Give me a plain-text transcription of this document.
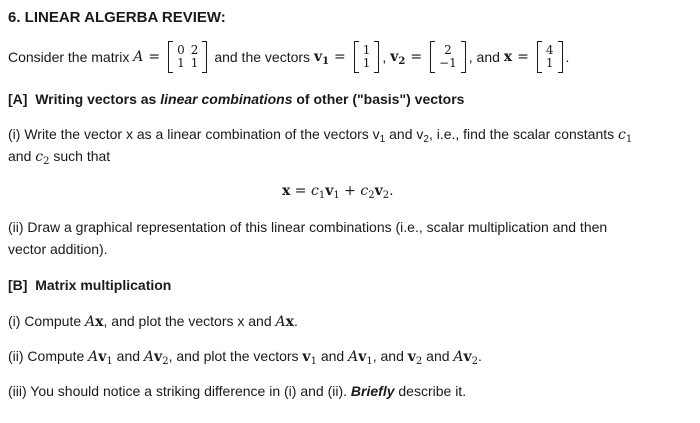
6. LINEAR ALGERBA REVIEW:
Consider the matrix
A = 0	2
1	1
and the vectors
$v_1 = 1$
1 , $v_2 = 2$
−1 , and
x = 4
1 .
[A] Writing vectors as linear combinations of other ("basis") vectors
(i) Write the vector x as a linear combination of the vectors $v_1$ and $v_2$, i.e., find the scalar constants $c_1$
and $c_2$ such that
$x = c_1v_1 + c_2v_2$.
(ii) Draw a graphical representation of this linear combinations (i.e., scalar multiplication and then
vector addition).
[B] Matrix multiplication
(i) Compute Ax, and plot the vectors x and Ax.
(ii) Compute $Av_1$ and $Av_2$, and plot the vectors $v_1$ and $Av_1$, and $v_2$ and $Av_2$.
(iii) You should notice a striking difference in (i) and (ii). Briefly describe it.
